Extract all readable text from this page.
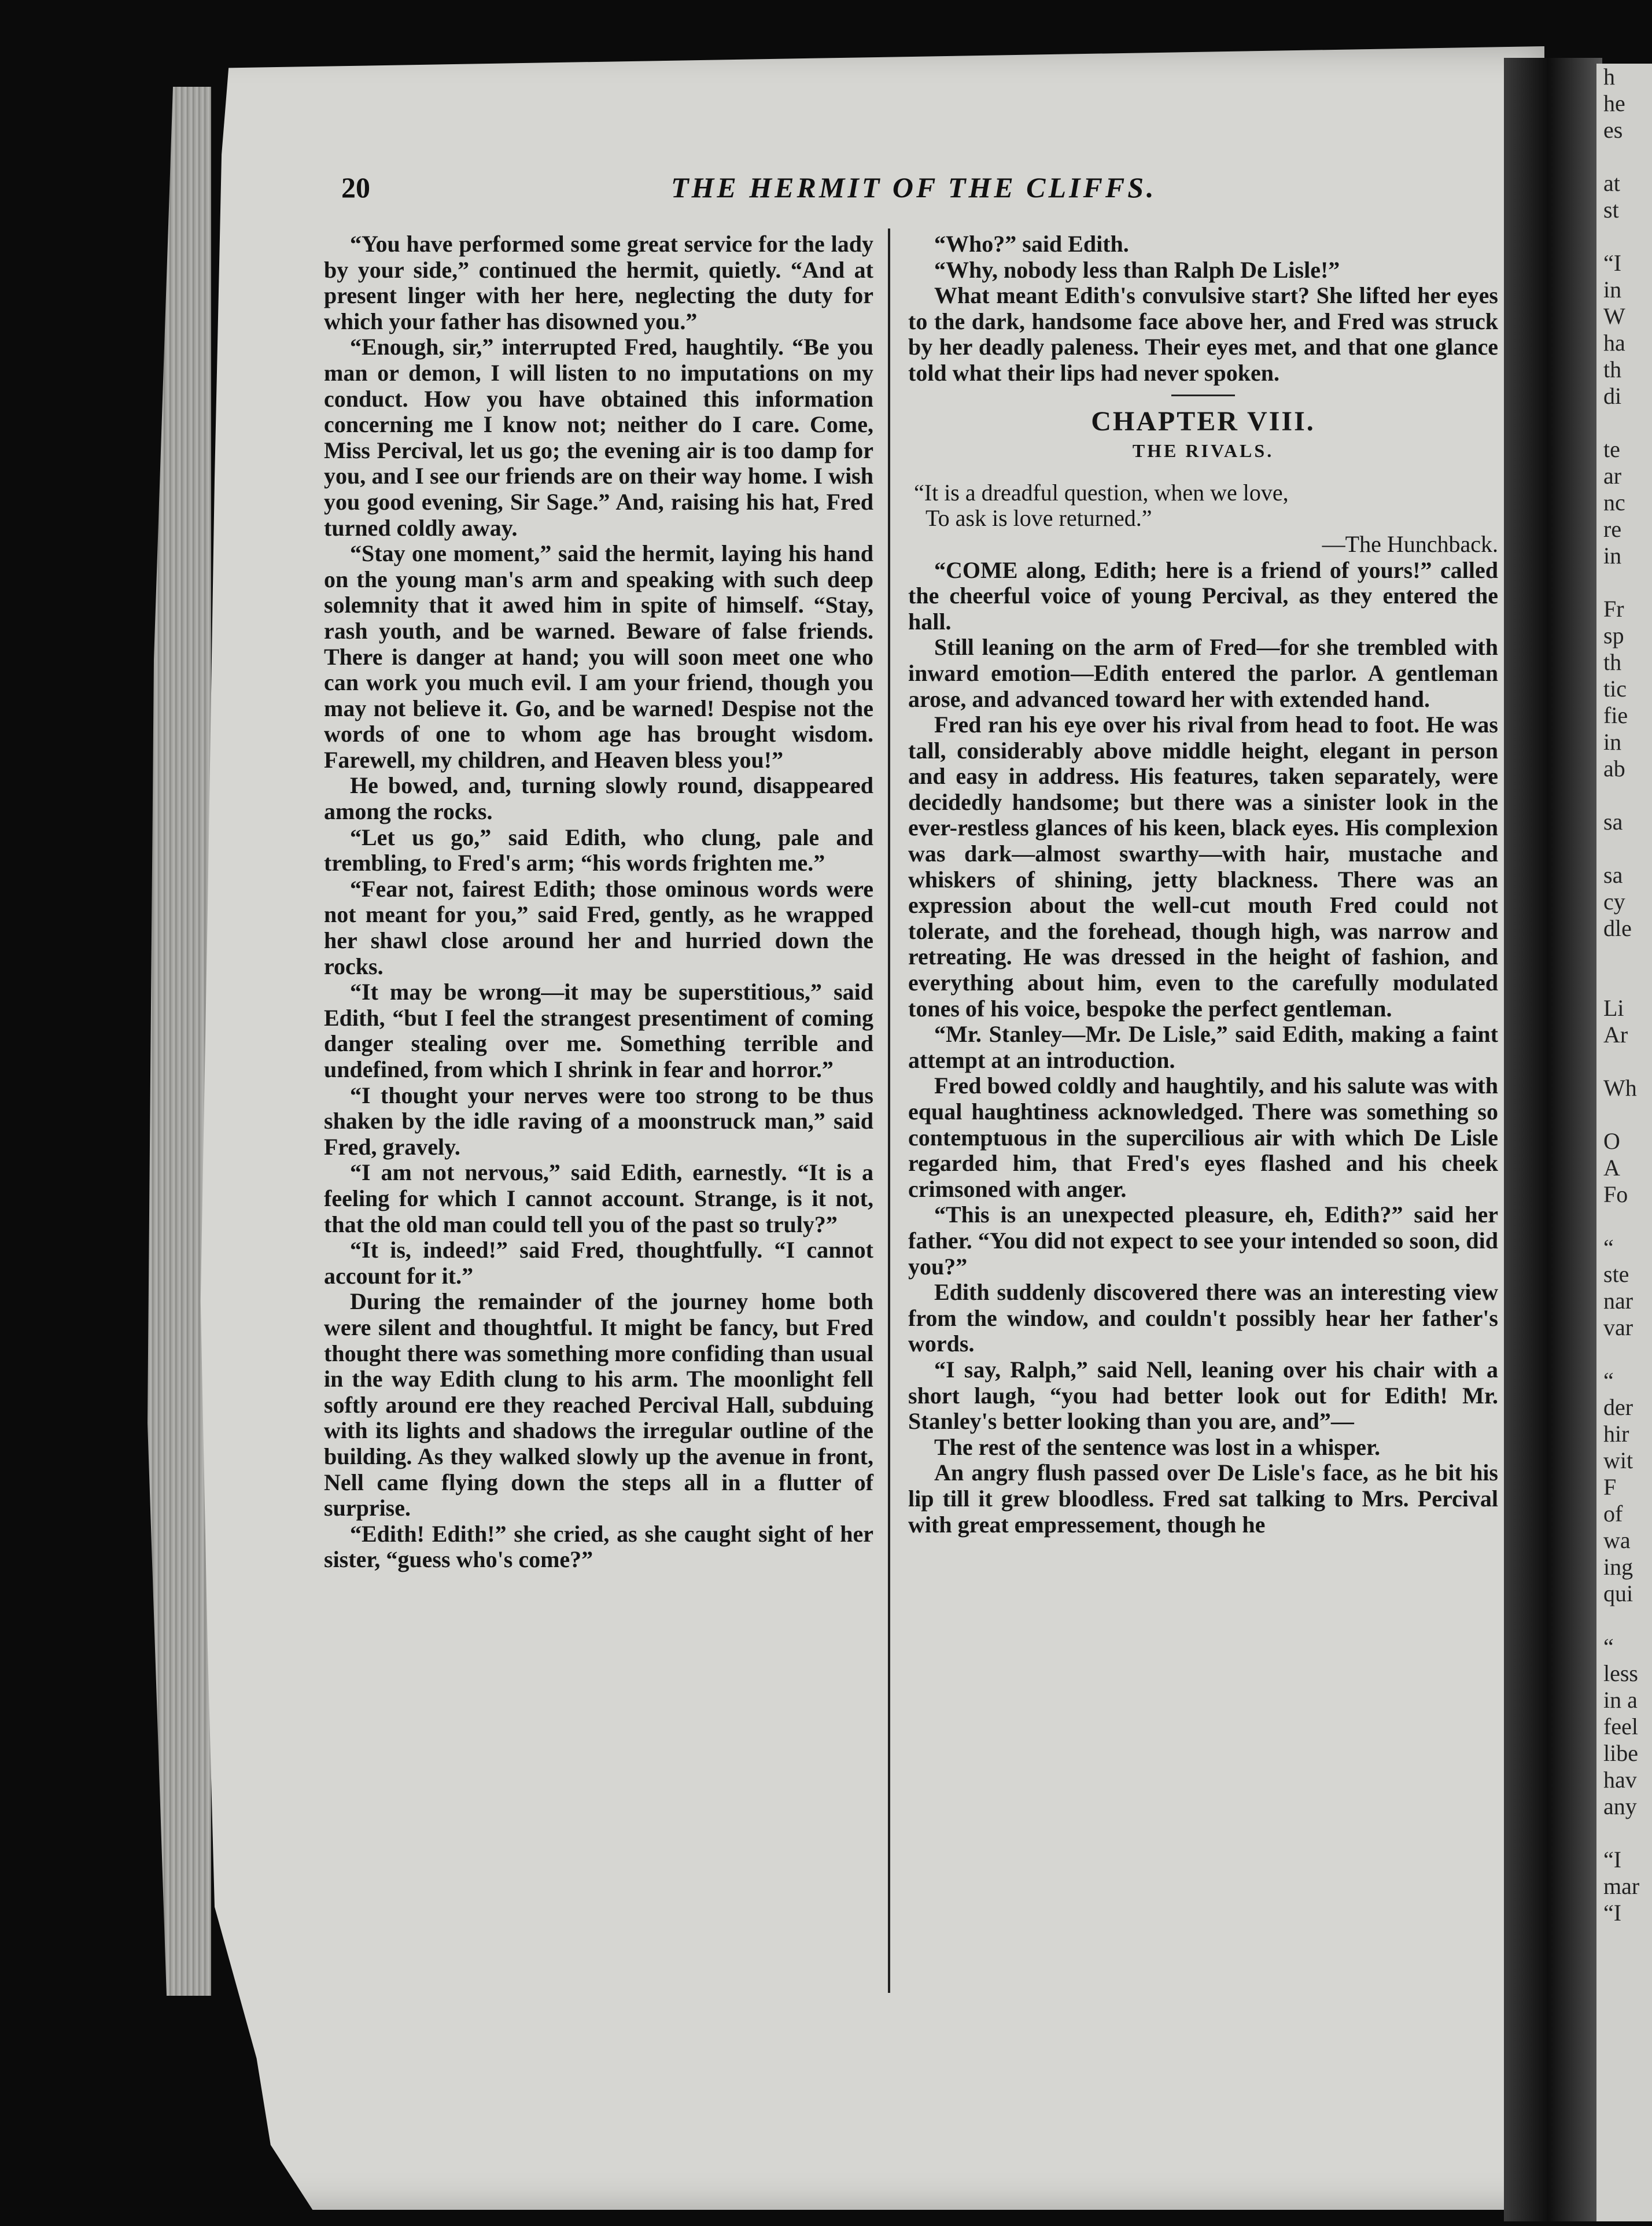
h
he
es

at
st

“I
in
W
ha
th
di

te
ar
nc
re
in

Fr
sp
th
tic
fie
in
ab

sa

sa
cy
dle

Li
Ar

Wh

O
A
Fo

“
ste
nar
var

“
der
hir
wit
F
of
wa
ing
qui

“
less
in a
feel
libe
hav
any

“I
mar
“I
20	THE HERMIT OF THE CLIFFS.

“You have performed some great service for the lady by your side,” continued the hermit, quietly. “And at present linger with her here, neglecting the duty for which your father has disowned you.”

“Enough, sir,” interrupted Fred, haughtily. “Be you man or demon, I will listen to no imputations on my conduct. How you have obtained this information concerning me I know not; neither do I care. Come, Miss Percival, let us go; the evening air is too damp for you, and I see our friends are on their way home. I wish you good evening, Sir Sage.” And, raising his hat, Fred turned coldly away.

“Stay one moment,” said the hermit, laying his hand on the young man's arm and speaking with such deep solemnity that it awed him in spite of himself. “Stay, rash youth, and be warned. Beware of false friends. There is danger at hand; you will soon meet one who can work you much evil. I am your friend, though you may not believe it. Go, and be warned! Despise not the words of one to whom age has brought wisdom. Farewell, my children, and Heaven bless you!”

He bowed, and, turning slowly round, disappeared among the rocks.

“Let us go,” said Edith, who clung, pale and trembling, to Fred's arm; “his words frighten me.”

“Fear not, fairest Edith; those ominous words were not meant for you,” said Fred, gently, as he wrapped her shawl close around her and hurried down the rocks.

“It may be wrong—it may be superstitious,” said Edith, “but I feel the strangest presentiment of coming danger stealing over me. Something terrible and undefined, from which I shrink in fear and horror.”

“I thought your nerves were too strong to be thus shaken by the idle raving of a moonstruck man,” said Fred, gravely.

“I am not nervous,” said Edith, earnestly. “It is a feeling for which I cannot account. Strange, is it not, that the old man could tell you of the past so truly?”

“It is, indeed!” said Fred, thoughtfully. “I cannot account for it.”

During the remainder of the journey home both were silent and thoughtful. It might be fancy, but Fred thought there was something more confiding than usual in the way Edith clung to his arm. The moonlight fell softly around ere they reached Percival Hall, subduing with its lights and shadows the irregular outline of the building. As they walked slowly up the avenue in front, Nell came flying down the steps all in a flutter of surprise.

“Edith! Edith!” she cried, as she caught sight of her sister, “guess who's come?”

“Who?” said Edith.

“Why, nobody less than Ralph De Lisle!”

What meant Edith's convulsive start? She lifted her eyes to the dark, handsome face above her, and Fred was struck by her deadly paleness. Their eyes met, and that one glance told what their lips had never spoken.

CHAPTER VIII.
THE RIVALS.

“It is a dreadful question, when we love,

To ask is love returned.”

—The Hunchback.

“COME along, Edith; here is a friend of yours!” called the cheerful voice of young Percival, as they entered the hall.

Still leaning on the arm of Fred—for she trembled with inward emotion—Edith entered the parlor. A gentleman arose, and advanced toward her with extended hand.

Fred ran his eye over his rival from head to foot. He was tall, considerably above middle height, elegant in person and easy in address. His features, taken separately, were decidedly handsome; but there was a sinister look in the ever-restless glances of his keen, black eyes. His complexion was dark—almost swarthy—with hair, mustache and whiskers of shining, jetty blackness. There was an expression about the well-cut mouth Fred could not tolerate, and the forehead, though high, was narrow and retreating. He was dressed in the height of fashion, and everything about him, even to the carefully modulated tones of his voice, bespoke the perfect gentleman.

“Mr. Stanley—Mr. De Lisle,” said Edith, making a faint attempt at an introduction.

Fred bowed coldly and haughtily, and his salute was with equal haughtiness acknowledged. There was something so contemptuous in the supercilious air with which De Lisle regarded him, that Fred's eyes flashed and his cheek crimsoned with anger.

“This is an unexpected pleasure, eh, Edith?” said her father. “You did not expect to see your intended so soon, did you?”

Edith suddenly discovered there was an interesting view from the window, and couldn't possibly hear her father's words.

“I say, Ralph,” said Nell, leaning over his chair with a short laugh, “you had better look out for Edith! Mr. Stanley's better looking than you are, and”—

The rest of the sentence was lost in a whisper.

An angry flush passed over De Lisle's face, as he bit his lip till it grew bloodless. Fred sat talking to Mrs. Percival with great empressement, though he
